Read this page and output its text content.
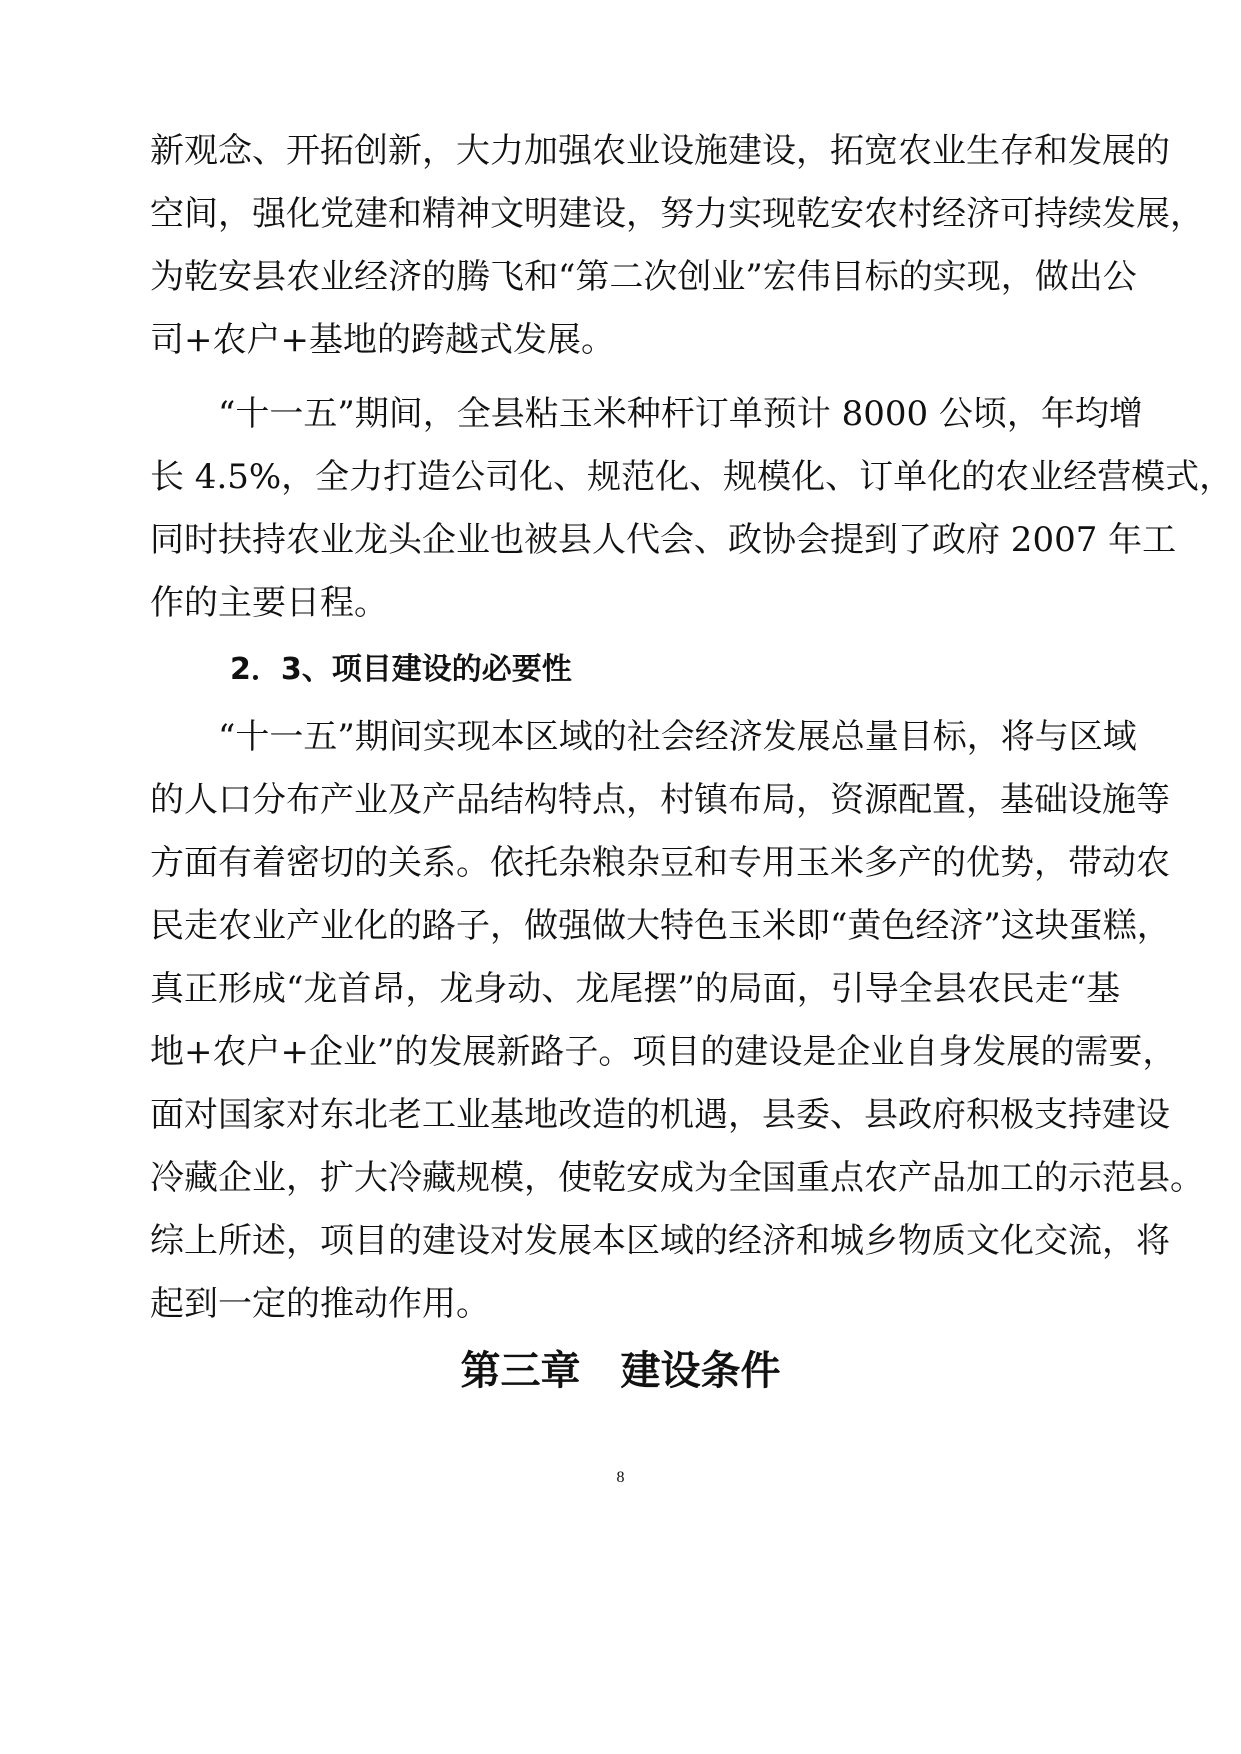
新观念、开拓创新，大力加强农业设施建设，拓宽农业生存和发展的
空间，强化党建和精神文明建设，努力实现乾安农村经济可持续发展，
为乾安县农业经济的腾飞和“第二次创业”宏伟目标的实现，做出公
司+农户+基地的跨越式发展。
“十一五”期间，全县粘玉米种杆订单预计 8000 公顷，年均增
长 4.5%，全力打造公司化、规范化、规模化、订单化的农业经营模式，
同时扶持农业龙头企业也被县人代会、政协会提到了政府 2007 年工
作的主要日程。
2．3、项目建设的必要性
“十一五”期间实现本区域的社会经济发展总量目标，将与区域
的人口分布产业及产品结构特点，村镇布局，资源配置，基础设施等
方面有着密切的关系。依托杂粮杂豆和专用玉米多产的优势，带动农
民走农业产业化的路子，做强做大特色玉米即“黄色经济”这块蛋糕，
真正形成“龙首昂，龙身动、龙尾摆”的局面，引导全县农民走“基
地+农户+企业”的发展新路子。项目的建设是企业自身发展的需要，
面对国家对东北老工业基地改造的机遇，县委、县政府积极支持建设
冷藏企业，扩大冷藏规模，使乾安成为全国重点农产品加工的示范县。
综上所述，项目的建设对发展本区域的经济和城乡物质文化交流，将
起到一定的推动作用。
第三章　建设条件
8
